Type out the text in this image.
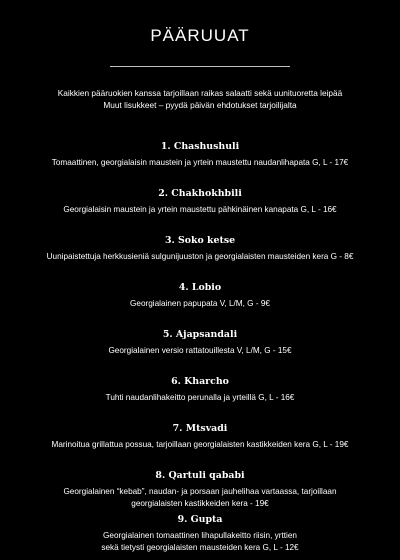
PÄÄRUUAT
Kaikkien pääruokien kanssa tarjoillaan raikas salaatti sekä uunituoretta leipää
Muut lisukkeet – pyydä päivän ehdotukset tarjoilijalta
1. Chashushuli
Tomaattinen, georgialaisin maustein ja yrtein maustettu naudanlihapata G, L - 17€
2. Chakhokhbili
Georgialaisin maustein ja yrtein maustettu pähkinäinen kanapata G, L - 16€
3. Soko ketse
Uunipaistettuja herkkusieniä sulgunijuuston ja georgialaisten mausteiden kera G - 8€
4. Lobio
Georgialainen papupata V, L/M, G - 9€
5. Ajapsandali
Georgialainen versio rattatouillesta V, L/M, G - 15€
6. Kharcho
Tuhti naudanlihakeitto perunalla ja yrteillä G, L - 16€
7. Mtsvadi
Marinoitua grillattua possua, tarjoillaan georgialaisten kastikkeiden kera G, L - 19€
8. Qartuli qababi
Georgialainen “kebab”, naudan- ja porsaan jauhelihaa vartaassa, tarjoillaan
georgialaisten kastikkeiden kera - 19€
9. Gupta
Georgialainen tomaattinen lihapullakeitto riisin, yrttien
sekä tietysti georgialaisten mausteiden kera G, L - 12€
